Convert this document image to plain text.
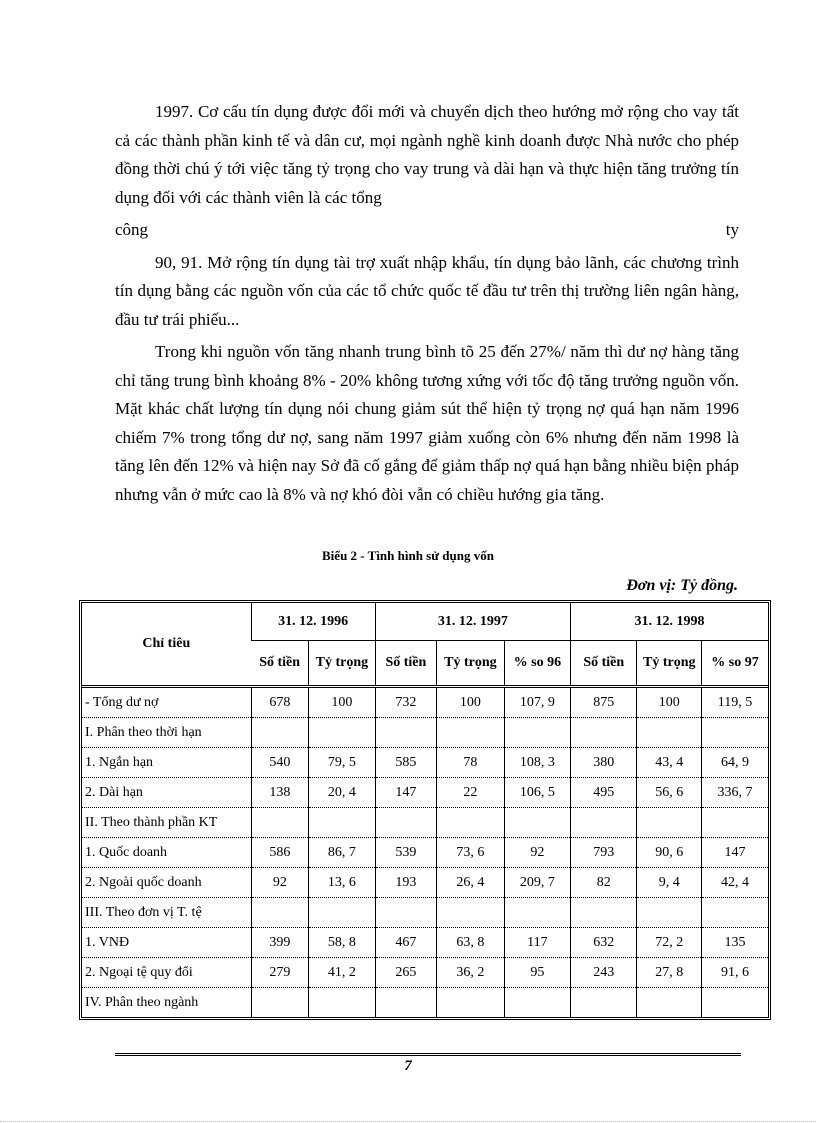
1997. Cơ cấu tín dụng được đổi mới và chuyển dịch theo hướng mở rộng cho vay tất cả các thành phần kinh tế và dân cư, mọi ngành nghề kinh doanh được Nhà nước cho phép đồng thời chú ý tới việc tăng tỷ trọng cho vay trung và dài hạn và thực hiện tăng trưởng tín dụng đối với các thành viên là các tổng

công	ty

90, 91. Mở rộng tín dụng tài trợ xuất nhập khẩu, tín dụng bảo lãnh, các chương trình tín dụng bằng các nguồn vốn của các tổ chức quốc tế đầu tư trên thị trường liên ngân hàng, đầu tư trái phiếu...

Trong khi nguồn vốn tăng nhanh trung bình tõ 25 đến 27%/ năm thì dư nợ hàng tăng chỉ tăng trung bình khoảng 8% - 20% không tương xứng với tốc độ tăng trưởng nguồn vốn. Mặt khác chất lượng tín dụng nói chung giảm sút thể hiện tỷ trọng nợ quá hạn năm 1996 chiếm 7% trong tổng dư nợ, sang năm 1997 giảm xuống còn 6% nhưng đến năm 1998 là tăng lên đến 12% và hiện nay Sở đã cố gắng để giảm thấp nợ quá hạn bằng nhiều biện pháp nhưng vẫn ở mức cao là 8% và nợ khó đòi vẫn có chiều hướng gia tăng.

Biểu 2 - Tình hình sử dụng vốn
Đơn vị: Tỷ đồng.
Chỉ tiêu	31. 12. 1996		31. 12. 1997			31. 12. 1998		
	Số tiền	Tỷ trọng	Số tiền	Tỷ trọng	% so 96	Số tiền	Tỷ trọng	% so 97
- Tổng dư nợ	678	100	732	100	107, 9	875	100	119, 5
I. Phân theo thời hạn								
1. Ngắn hạn	540	79, 5	585	78	108, 3	380	43, 4	64, 9
2. Dài hạn	138	20, 4	147	22	106, 5	495	56, 6	336, 7
II. Theo thành phần KT								
1. Quốc doanh	586	86, 7	539	73, 6	92	793	90, 6	147
2. Ngoài quốc doanh	92	13, 6	193	26, 4	209, 7	82	9, 4	42, 4
III. Theo đơn vị T. tệ								
1. VNĐ	399	58, 8	467	63, 8	117	632	72, 2	135
2. Ngoại tệ quy đổi	279	41, 2	265	36, 2	95	243	27, 8	91, 6
IV. Phân theo ngành								
7
